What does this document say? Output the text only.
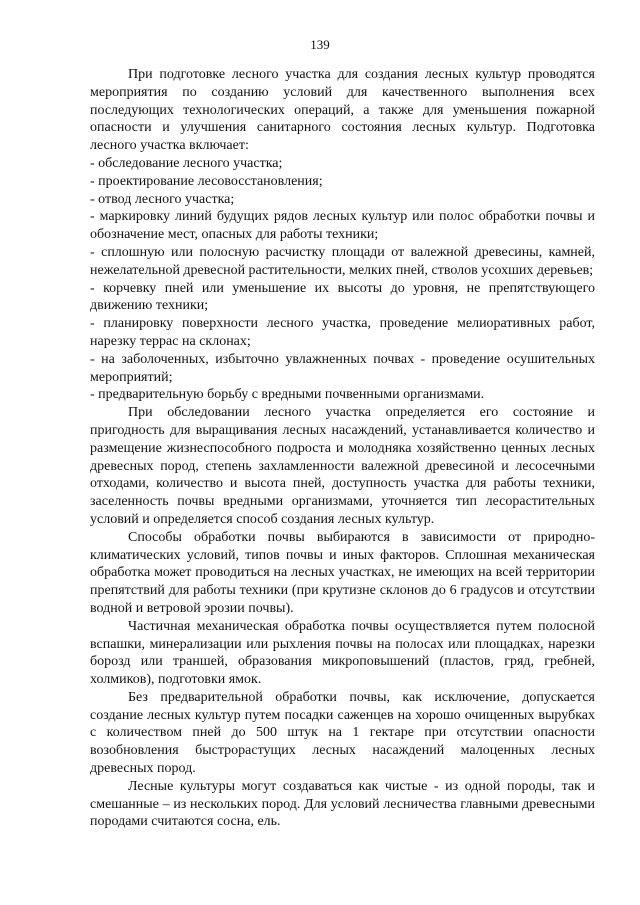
139

При подготовке лесного участка для создания лесных культур проводятся мероприятия по созданию условий для качественного выполнения всех последующих технологических операций, а также для уменьшения пожарной опасности и улучшения санитарного состояния лесных культур. Подготовка лесного участка включает:

- обследование лесного участка;
- проектирование лесовосстановления;
- отвод лесного участка;
- маркировку линий будущих рядов лесных культур или полос обработки почвы и обозначение мест, опасных для работы техники;
- сплошную или полосную расчистку площади от валежной древесины, камней, нежелательной древесной растительности, мелких пней, стволов усохших деревьев;
- корчевку пней или уменьшение их высоты до уровня, не препятствующего движению техники;
- планировку поверхности лесного участка, проведение мелиоративных работ, нарезку террас на склонах;
- на заболоченных, избыточно увлажненных почвах - проведение осушительных мероприятий;
- предварительную борьбу с вредными почвенными организмами.

При обследовании лесного участка определяется его состояние и пригодность для выращивания лесных насаждений, устанавливается количество и размещение жизнеспособного подроста и молодняка хозяйственно ценных лесных древесных пород, степень захламленности валежной древесиной и лесосечными отходами, количество и высота пней, доступность участка для работы техники, заселенность почвы вредными организмами, уточняется тип лесорастительных условий и определяется способ создания лесных культур.

Способы обработки почвы выбираются в зависимости от природно-климатических условий, типов почвы и иных факторов. Сплошная механическая обработка может проводиться на лесных участках, не имеющих на всей территории препятствий для работы техники (при крутизне склонов до 6 градусов и отсутствии водной и ветровой эрозии почвы).

Частичная механическая обработка почвы осуществляется путем полосной вспашки, минерализации или рыхления почвы на полосах или площадках, нарезки борозд или траншей, образования микроповышений (пластов, гряд, гребней, холмиков), подготовки ямок.

Без предварительной обработки почвы, как исключение, допускается создание лесных культур путем посадки саженцев на хорошо очищенных вырубках с количеством пней до 500 штук на 1 гектаре при отсутствии опасности возобновления быстрорастущих лесных насаждений малоценных лесных древесных пород.

Лесные культуры могут создаваться как чистые - из одной породы, так и смешанные – из нескольких пород. Для условий лесничества главными древесными породами считаются сосна, ель.
